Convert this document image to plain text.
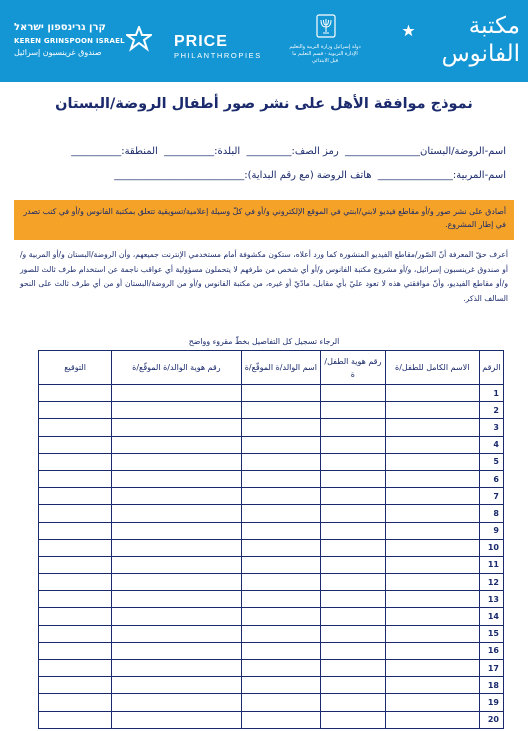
קרן גרינספון ישראל
KEREN GRINSPOON ISRAEL
صندوق غرينسبون إسرائيل
PRICE
PHILANTHROPIES
دولة إسرائيل وزارة التربية والتعليم الإدارة التربوية - قسم التعليم ما قبل الابتدائي
مكتبة
الفانوس
نموذج موافقة الأهل على نشر صور أطفال الروضة/البستان
اسم-الروضة/البستان_______________  رمز الصف:_________  البلدة:__________  المنطقة:__________
اسم-المربية:_______________  هاتف الروضة (مع رقم البداية):__________________________
أصادق على نشر صور و/أو مقاطع فيديو لابني/ابنتي في الموقع الإلكتروني و/أو في كلّ وسيلة إعلامية/تسويقية تتعلق بمكتبة الفانوس و/أو في كتب تصدر في إطار المشروع.
أعرف حقّ المعرفة أنّ الصّور/مقاطع الفيديو المنشورة كما ورد أعلاه، ستكون مكشوفة أمام مستخدمي الإنترنت جميعهم، وأن الروضة/البستان و/أو المربية و/أو صندوق غرينسبون إسرائيل، و/أو مشروع مكتبة الفانوس و/أو أي شخص من طرفهم لا يتحملون مسؤولية أي عواقب ناجمة عن استخدام طرف ثالث للصور و/أو مقاطع الفيديو، وأنّ موافقتي هذه لا تعود عليّ بأي مقابل، مادّيّ أو غيره، من مكتبة الفانوس و/أو من الروضة/البستان أو من أي طرف ثالث على النحو السالف الذكر.
الرجاء تسجيل كل التفاصيل بخطّ مقروء وواضح
الرقم	الاسم الكامل للطفل/ة	رقم هوية الطفل/ة	اسم الوالد/ة الموقّع/ة	رقم هوية الوالد/ة الموقّع/ة	التوقيع
1					
2					
3					
4					
5					
6					
7					
8					
9					
10					
11					
12					
13					
14					
15					
16					
17					
18					
19					
20					
